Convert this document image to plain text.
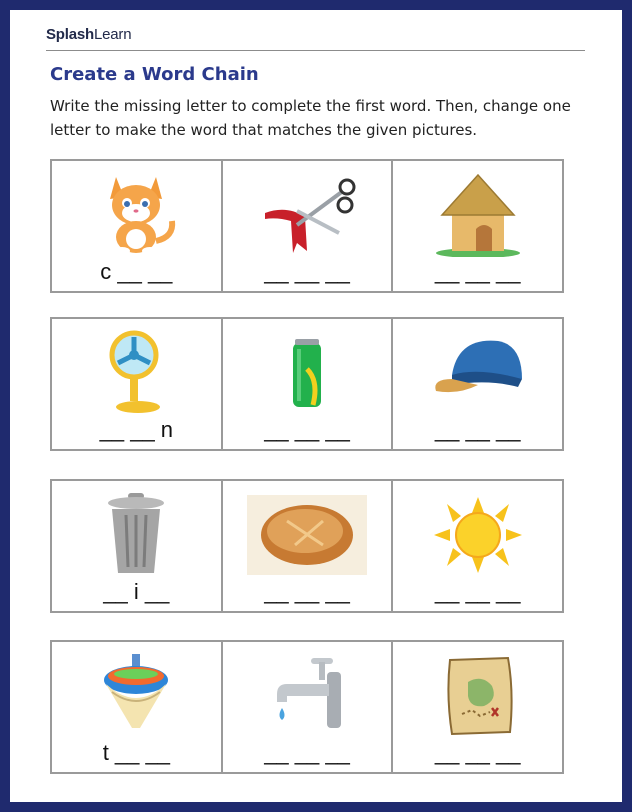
SplashLearn
Create a Word Chain
Write the missing letter to complete the first word. Then, change one letter to make the word that matches the given pictures.
c __ __	__ __ __	__ __ __
__ __ n	__ __ __	__ __ __
__ i __	__ __ __	__ __ __
t __ __	__ __ __	__ __ __
